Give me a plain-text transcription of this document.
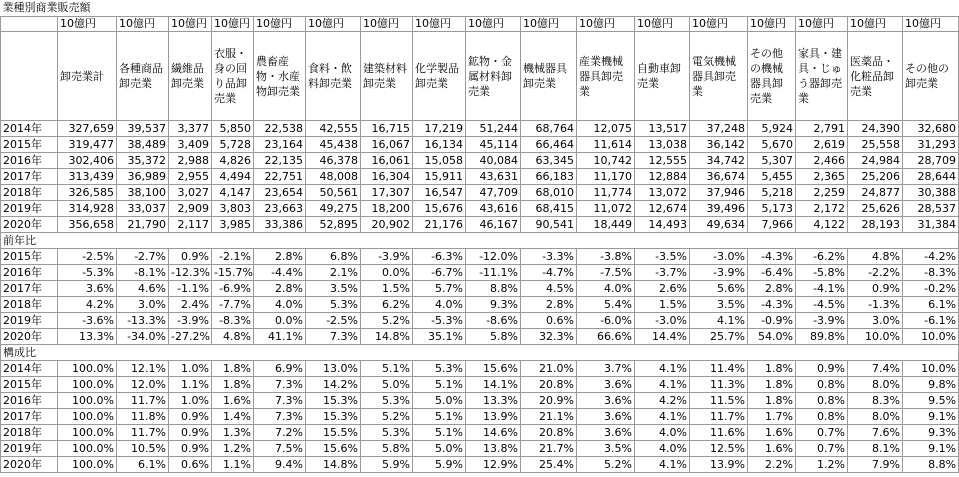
業種別商業販売額																	
	10億円	10億円	10億円	10億円	10億円	10億円	10億円	10億円	10億円	10億円	10億円	10億円	10億円	10億円	10億円	10億円	10億円
	卸売業計	各種商品卸売業	繊維品卸売業	衣服・身の回り品卸売業	農畜産物・水産物卸売業	食料・飲料卸売業	建築材料卸売業	化学製品卸売業	鉱物・金属材料卸売業	機械器具卸売業	産業機械器具卸売業	自動車卸売業	電気機械器具卸売業	その他の機械器具卸売業	家具・建具・じゅう器卸売業	医薬品・化粧品卸売業	その他の卸売業
2014年	327,659	39,537	3,377	5,850	22,538	42,555	16,715	17,219	51,244	68,764	12,075	13,517	37,248	5,924	2,791	24,390	32,680
2015年	319,477	38,489	3,409	5,728	23,164	45,438	16,067	16,134	45,114	66,464	11,614	13,038	36,142	5,670	2,619	25,558	31,293
2016年	302,406	35,372	2,988	4,826	22,135	46,378	16,061	15,058	40,084	63,345	10,742	12,555	34,742	5,307	2,466	24,984	28,709
2017年	313,439	36,989	2,955	4,494	22,751	48,008	16,304	15,911	43,631	66,183	11,170	12,884	36,674	5,455	2,365	25,206	28,644
2018年	326,585	38,100	3,027	4,147	23,654	50,561	17,307	16,547	47,709	68,010	11,774	13,072	37,946	5,218	2,259	24,877	30,388
2019年	314,928	33,037	2,909	3,803	23,663	49,275	18,200	15,676	43,616	68,415	11,072	12,674	39,496	5,173	2,172	25,626	28,537
2020年	356,658	21,790	2,117	3,985	33,386	52,895	20,902	21,176	46,167	90,541	18,449	14,493	49,634	7,966	4,122	28,193	31,384
前年比																	
2015年	-2.5%	-2.7%	0.9%	-2.1%	2.8%	6.8%	-3.9%	-6.3%	-12.0%	-3.3%	-3.8%	-3.5%	-3.0%	-4.3%	-6.2%	4.8%	-4.2%
2016年	-5.3%	-8.1%	-12.3%	-15.7%	-4.4%	2.1%	0.0%	-6.7%	-11.1%	-4.7%	-7.5%	-3.7%	-3.9%	-6.4%	-5.8%	-2.2%	-8.3%
2017年	3.6%	4.6%	-1.1%	-6.9%	2.8%	3.5%	1.5%	5.7%	8.8%	4.5%	4.0%	2.6%	5.6%	2.8%	-4.1%	0.9%	-0.2%
2018年	4.2%	3.0%	2.4%	-7.7%	4.0%	5.3%	6.2%	4.0%	9.3%	2.8%	5.4%	1.5%	3.5%	-4.3%	-4.5%	-1.3%	6.1%
2019年	-3.6%	-13.3%	-3.9%	-8.3%	0.0%	-2.5%	5.2%	-5.3%	-8.6%	0.6%	-6.0%	-3.0%	4.1%	-0.9%	-3.9%	3.0%	-6.1%
2020年	13.3%	-34.0%	-27.2%	4.8%	41.1%	7.3%	14.8%	35.1%	5.8%	32.3%	66.6%	14.4%	25.7%	54.0%	89.8%	10.0%	10.0%
構成比																	
2014年	100.0%	12.1%	1.0%	1.8%	6.9%	13.0%	5.1%	5.3%	15.6%	21.0%	3.7%	4.1%	11.4%	1.8%	0.9%	7.4%	10.0%
2015年	100.0%	12.0%	1.1%	1.8%	7.3%	14.2%	5.0%	5.1%	14.1%	20.8%	3.6%	4.1%	11.3%	1.8%	0.8%	8.0%	9.8%
2016年	100.0%	11.7%	1.0%	1.6%	7.3%	15.3%	5.3%	5.0%	13.3%	20.9%	3.6%	4.2%	11.5%	1.8%	0.8%	8.3%	9.5%
2017年	100.0%	11.8%	0.9%	1.4%	7.3%	15.3%	5.2%	5.1%	13.9%	21.1%	3.6%	4.1%	11.7%	1.7%	0.8%	8.0%	9.1%
2018年	100.0%	11.7%	0.9%	1.3%	7.2%	15.5%	5.3%	5.1%	14.6%	20.8%	3.6%	4.0%	11.6%	1.6%	0.7%	7.6%	9.3%
2019年	100.0%	10.5%	0.9%	1.2%	7.5%	15.6%	5.8%	5.0%	13.8%	21.7%	3.5%	4.0%	12.5%	1.6%	0.7%	8.1%	9.1%
2020年	100.0%	6.1%	0.6%	1.1%	9.4%	14.8%	5.9%	5.9%	12.9%	25.4%	5.2%	4.1%	13.9%	2.2%	1.2%	7.9%	8.8%
